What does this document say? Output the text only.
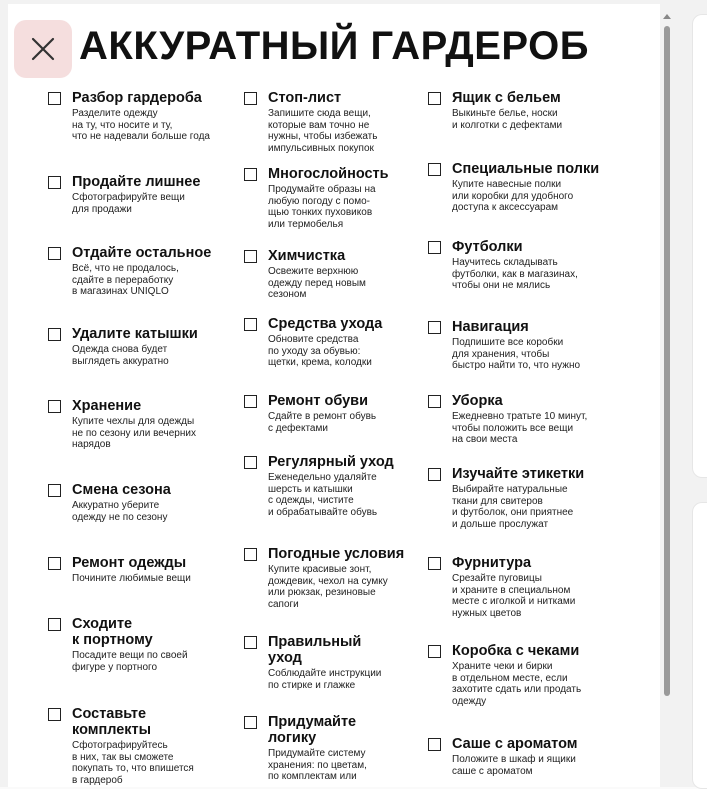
АККУРАТНЫЙ ГАРДЕРОБ
Разбор гардероба
Разделите одежду
на ту, что носите и ту,
что не надевали больше года
Продайте лишнее
Сфотографируйте вещи
для продажи
Отдайте остальное
Всё, что не продалось,
сдайте в переработку
в магазинах UNIQLO
Удалите катышки
Одежда снова будет
выглядеть аккуратно
Хранение
Купите чехлы для одежды
не по сезону или вечерних
нарядов
Смена сезона
Аккуратно уберите
одежду не по сезону
Ремонт одежды
Почините любимые вещи
Сходите
к портному
Посадите вещи по своей
фигуре у портного
Составьте
комплекты
Сфотографируйтесь
в них, так вы сможете
покупать то, что впишется
в гардероб
Стоп-лист
Запишите сюда вещи,
которые вам точно не
нужны, чтобы избежать
импульсивных покупок
Многослойность
Продумайте образы на
любую погоду с помо-
щью тонких пуховиков
или термобелья
Химчистка
Освежите верхнюю
одежду перед новым
сезоном
Средства ухода
Обновите средства
по уходу за обувью:
щетки, крема, колодки
Ремонт обуви
Сдайте в ремонт обувь
с дефектами
Регулярный уход
Еженедельно удаляйте
шерсть и катышки
с одежды, чистите
и обрабатывайте обувь
Погодные условия
Купите красивые зонт,
дождевик, чехол на сумку
или рюкзак, резиновые
сапоги
Правильный
уход
Соблюдайте инструкции
по стирке и глажке
Придумайте
логику
Придумайте систему
хранения: по цветам,
по комплектам или
Ящик с бельем
Выкиньте белье, носки
и колготки с дефектами
Специальные полки
Купите навесные полки
или коробки для удобного
доступа к аксессуарам
Футболки
Научитесь складывать
футболки, как в магазинах,
чтобы они не мялись
Навигация
Подпишите все коробки
для хранения, чтобы
быстро найти то, что нужно
Уборка
Ежедневно тратьте 10 минут,
чтобы положить все вещи
на свои места
Изучайте этикетки
Выбирайте натуральные
ткани для свитеров
и футболок, они приятнее
и дольше прослужат
Фурнитура
Срезайте пуговицы
и храните в специальном
месте с иголкой и нитками
нужных цветов
Коробка с чеками
Храните чеки и бирки
в отдельном месте, если
захотите сдать или продать
одежду
Саше с ароматом
Положите в шкаф и ящики
саше с ароматом
